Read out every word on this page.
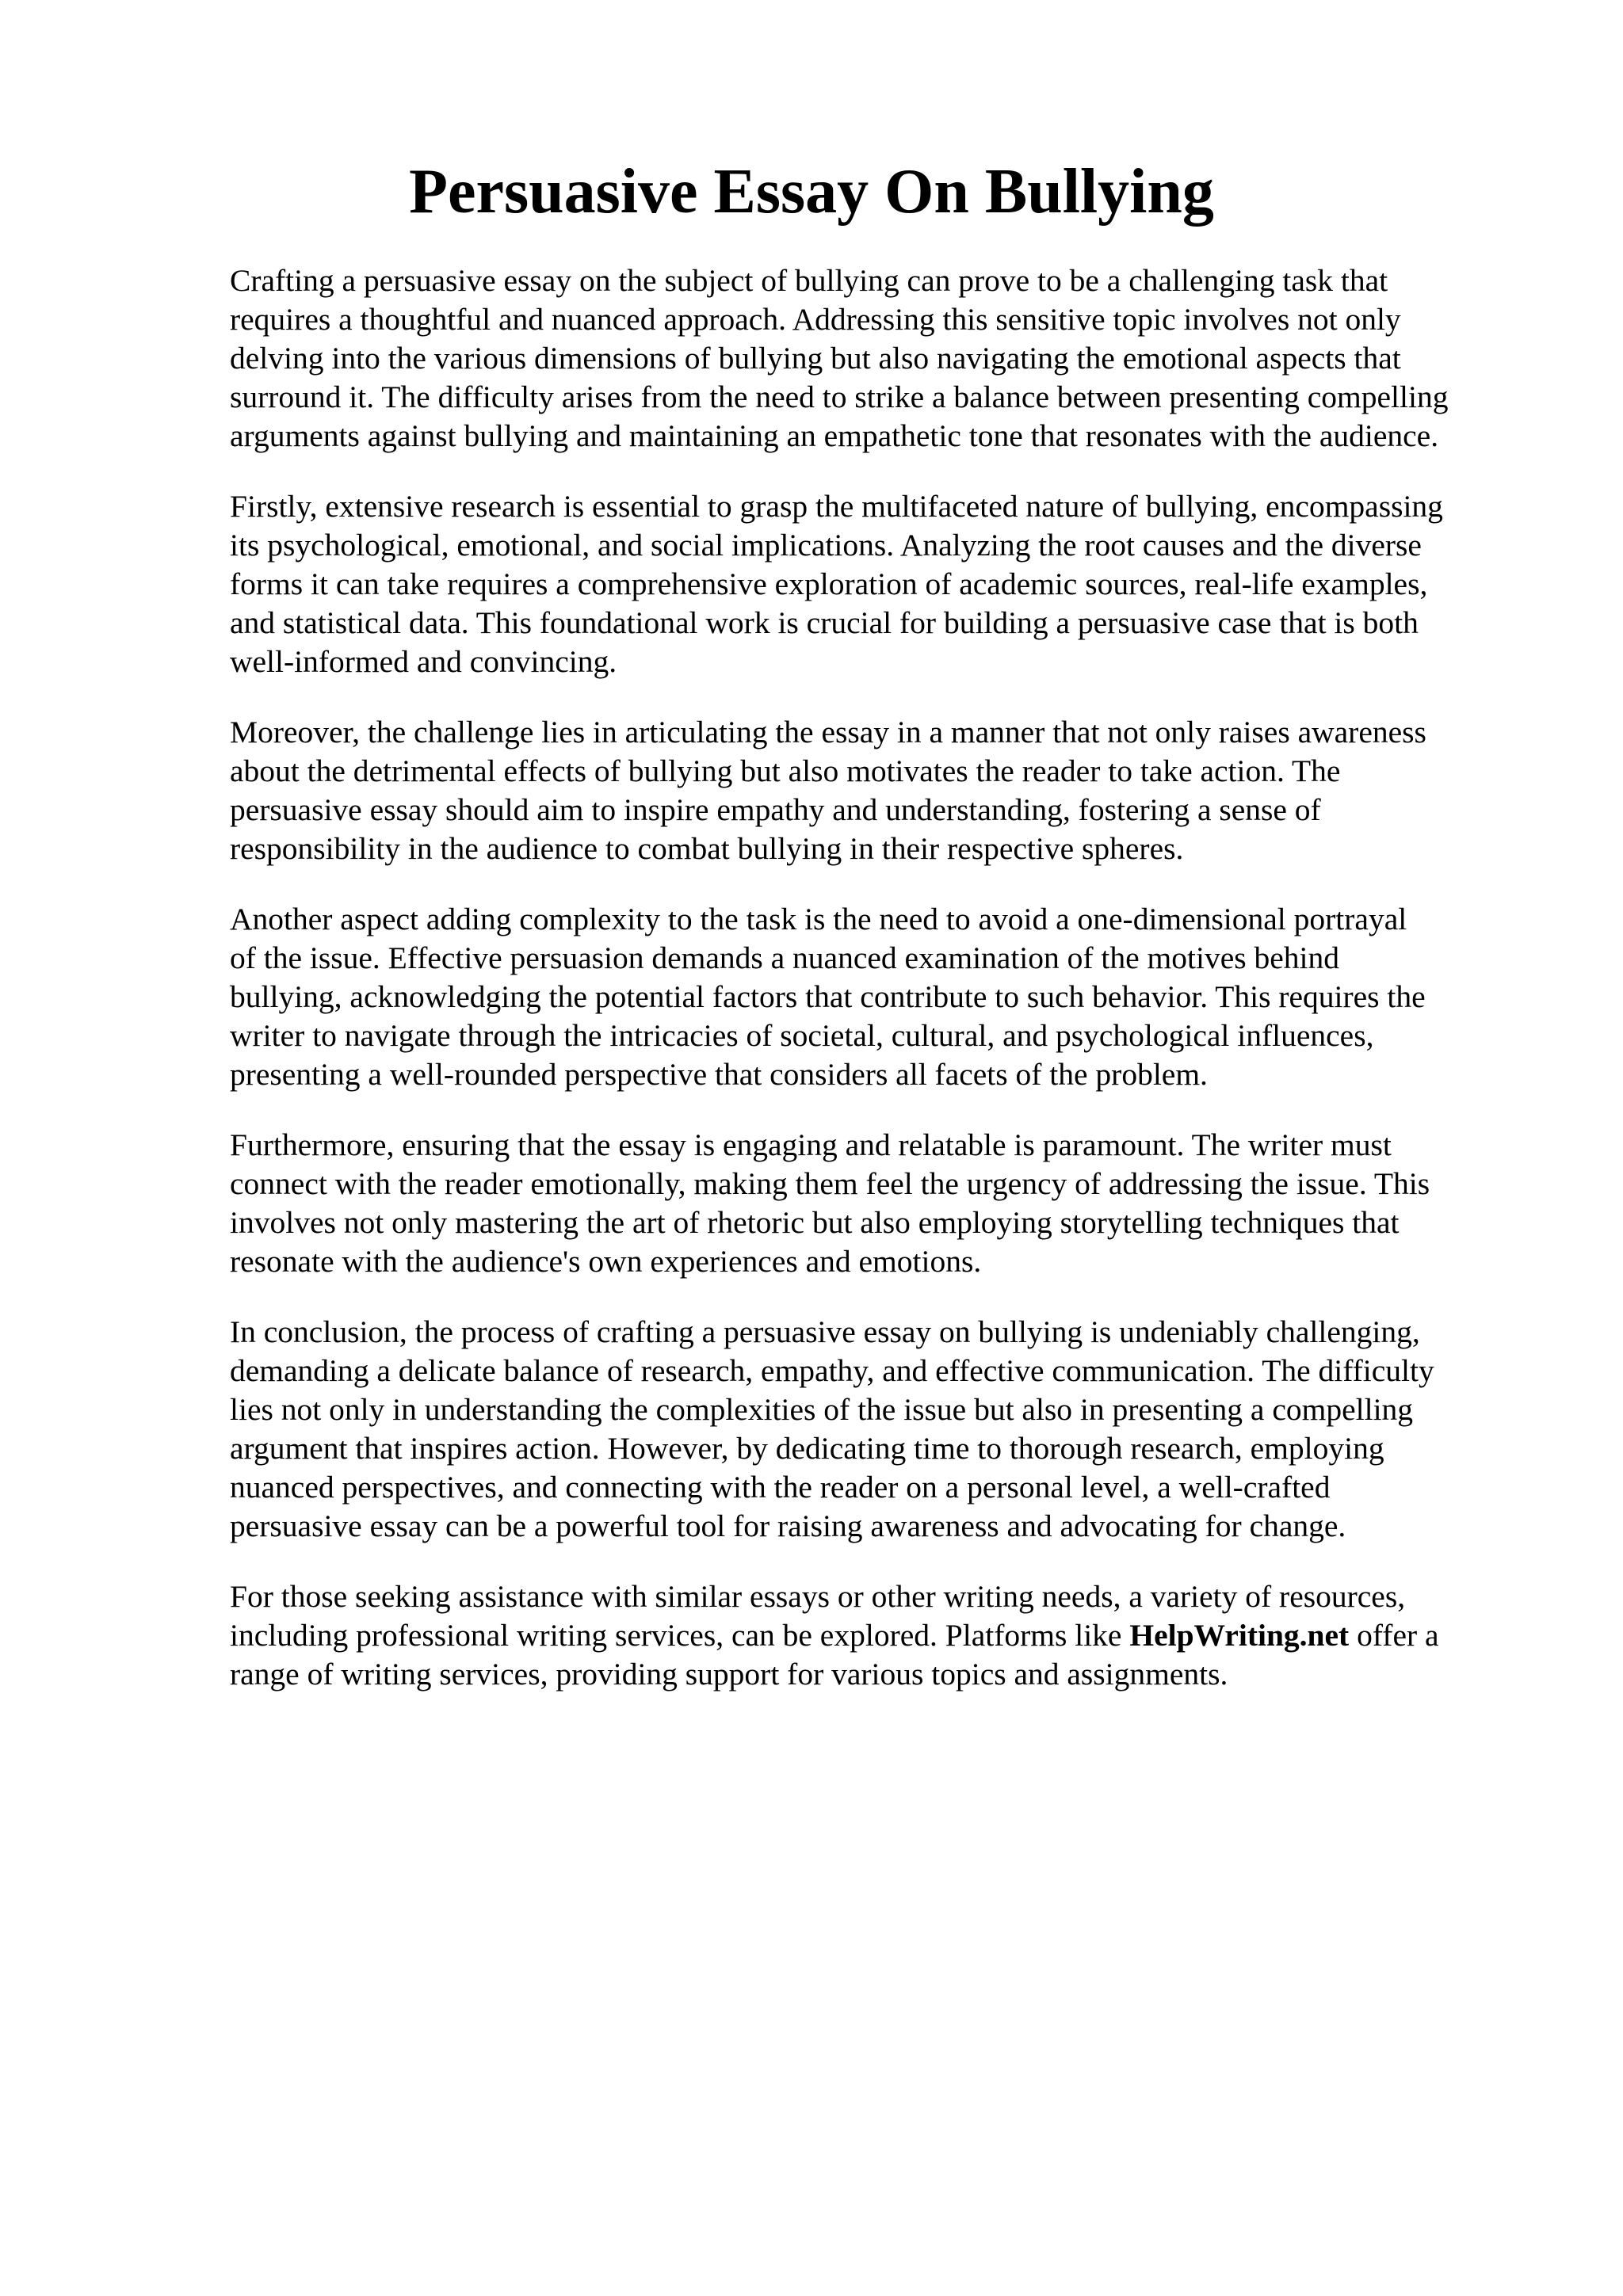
Persuasive Essay On Bullying

Crafting a persuasive essay on the subject of bullying can prove to be a challenging task that
requires a thoughtful and nuanced approach. Addressing this sensitive topic involves not only
delving into the various dimensions of bullying but also navigating the emotional aspects that
surround it. The difficulty arises from the need to strike a balance between presenting compelling
arguments against bullying and maintaining an empathetic tone that resonates with the audience.

Firstly, extensive research is essential to grasp the multifaceted nature of bullying, encompassing
its psychological, emotional, and social implications. Analyzing the root causes and the diverse
forms it can take requires a comprehensive exploration of academic sources, real-life examples,
and statistical data. This foundational work is crucial for building a persuasive case that is both
well-informed and convincing.

Moreover, the challenge lies in articulating the essay in a manner that not only raises awareness
about the detrimental effects of bullying but also motivates the reader to take action. The
persuasive essay should aim to inspire empathy and understanding, fostering a sense of
responsibility in the audience to combat bullying in their respective spheres.

Another aspect adding complexity to the task is the need to avoid a one-dimensional portrayal
of the issue. Effective persuasion demands a nuanced examination of the motives behind
bullying, acknowledging the potential factors that contribute to such behavior. This requires the
writer to navigate through the intricacies of societal, cultural, and psychological influences,
presenting a well-rounded perspective that considers all facets of the problem.

Furthermore, ensuring that the essay is engaging and relatable is paramount. The writer must
connect with the reader emotionally, making them feel the urgency of addressing the issue. This
involves not only mastering the art of rhetoric but also employing storytelling techniques that
resonate with the audience's own experiences and emotions.

In conclusion, the process of crafting a persuasive essay on bullying is undeniably challenging,
demanding a delicate balance of research, empathy, and effective communication. The difficulty
lies not only in understanding the complexities of the issue but also in presenting a compelling
argument that inspires action. However, by dedicating time to thorough research, employing
nuanced perspectives, and connecting with the reader on a personal level, a well-crafted
persuasive essay can be a powerful tool for raising awareness and advocating for change.

For those seeking assistance with similar essays or other writing needs, a variety of resources,
including professional writing services, can be explored. Platforms like HelpWriting.net offer a
range of writing services, providing support for various topics and assignments.
